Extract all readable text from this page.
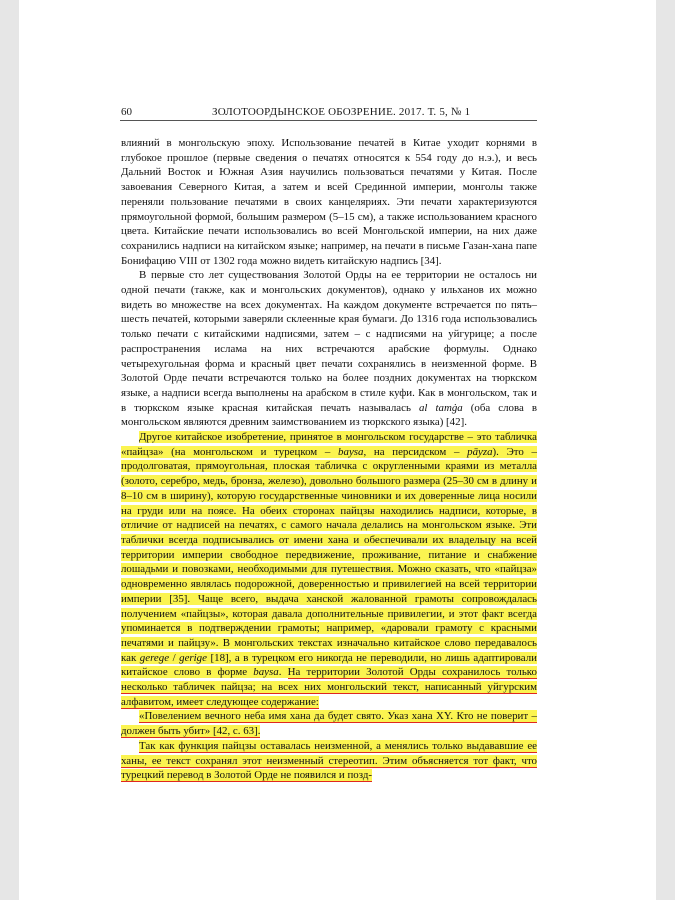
60	ЗОЛОТООРДЫНСКОЕ ОБОЗРЕНИЕ. 2017. Т. 5, № 1

влияний в монгольскую эпоху. Использование печатей в Китае уходит корнями в глубокое прошлое (первые сведения о печатях относятся к 554 году до н.э.), и весь Дальний Восток и Южная Азия научились пользоваться печатями у Китая. После завоевания Северного Китая, а затем и всей Срединной империи, монголы также переняли пользование печатями в своих канцеляриях. Эти печати характеризуются прямоугольной формой, большим размером (5–15 см), а также использованием красного цвета. Китайские печати использовались во всей Монгольской империи, на них даже сохранились надписи на китайском языке; например, на печати в письме Газан-хана папе Бонифацию VIII от 1302 года можно видеть китайскую надпись [34].

В первые сто лет существования Золотой Орды на ее территории не осталось ни одной печати (также, как и монгольских документов), однако у ильханов их можно видеть во множестве на всех документах. На каждом документе встречается по пять–шесть печатей, которыми заверяли склеенные края бумаги. До 1316 года использовались только печати с китайскими надписями, затем – с надписями на уйгурице; а после распространения ислама на них встречаются арабские формулы. Однако четырехугольная форма и красный цвет печати сохранялись в неизменной форме. В Золотой Орде печати встречаются только на более поздних документах на тюркском языке, а надписи всегда выполнены на арабском в стиле куфи. Как в монгольском, так и в тюркском языке красная китайская печать называлась al tamġa (оба слова в монгольском являются древним заимствованием из тюркского языка) [42].

Другое китайское изобретение, принятое в монгольском государстве – это табличка «пайцза» (на монгольском и турецком – baysa, на персидском – pāyza). Это – продолговатая, прямоугольная, плоская табличка с округленными краями из металла (золото, серебро, медь, бронза, железо), довольно большого размера (25–30 см в длину и 8–10 см в ширину), которую государственные чиновники и их доверенные лица носили на груди или на поясе. На обеих сторонах пайцзы находились надписи, которые, в отличие от надписей на печатях, с самого начала делались на монгольском языке. Эти таблички всегда подписывались от имени хана и обеспечивали их владельцу на всей территории империи свободное передвижение, проживание, питание и снабжение лошадьми и повозками, необходимыми для путешествия. Можно сказать, что «пайцза» одновременно являлась подорожной, доверенностью и привилегией на всей территории империи [35]. Чаще всего, выдача ханской жалованной грамоты сопровождалась получением «пайцзы», которая давала дополнительные привилегии, и этот факт всегда упоминается в подтверждении грамоты; например, «даровали грамоту с красными печатями и пайцзу». В монгольских текстах изначально китайское слово передавалось как gerege / gerige [18], а в турецком его никогда не переводили, но лишь адаптировали китайское слово в форме baysa. На территории Золотой Орды сохранилось только несколько табличек пайцза; на всех них монгольский текст, написанный уйгурским алфавитом, имеет следующее содержание:

«Повелением вечного неба имя хана да будет свято. Указ хана XY. Кто не поверит – должен быть убит» [42, с. 63].

Так как функция пайцзы оставалась неизменной, а менялись только выдававшие ее ханы, ее текст сохранял этот неизменный стереотип. Этим объясняется тот факт, что турецкий перевод в Золотой Орде не появился и позд-
